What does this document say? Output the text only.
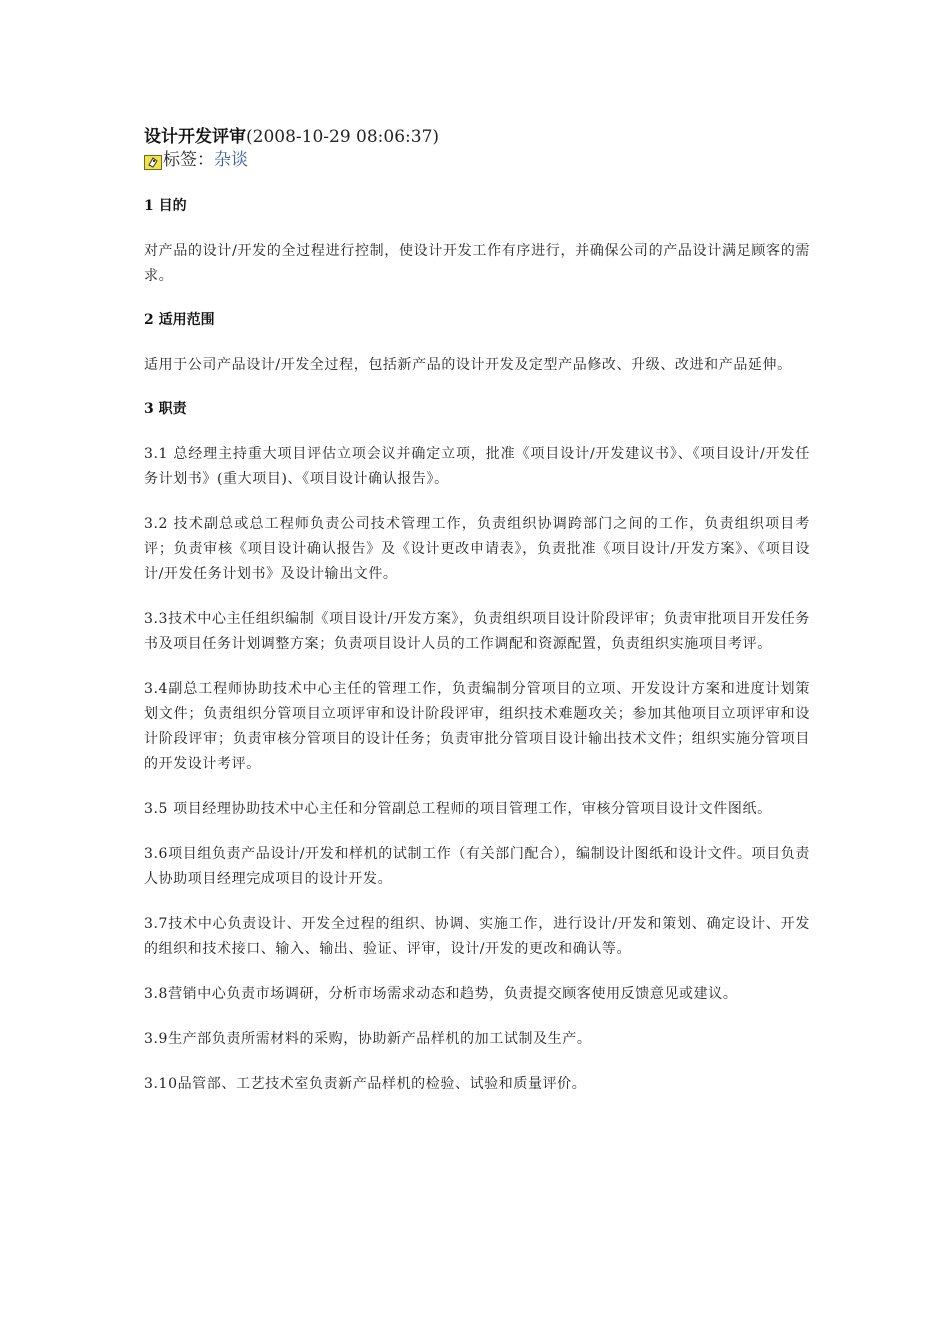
设计开发评审(2008-10-29 08:06:37)
标签： 杂谈
1 目的

对产品的设计/开发的全过程进行控制，使设计开发工作有序进行，并确保公司的产品设计满足顾客的需求。

2 适用范围

适用于公司产品设计/开发全过程，包括新产品的设计开发及定型产品修改、升级、改进和产品延伸。

3 职责

3.1 总经理主持重大项目评估立项会议并确定立项，批准《项目设计/开发建议书》、《项目设计/开发任务计划书》(重大项目)、《项目设计确认报告》。

3.2 技术副总或总工程师负责公司技术管理工作，负责组织协调跨部门之间的工作，负责组织项目考评；负责审核《项目设计确认报告》及《设计更改申请表》，负责批准《项目设计/开发方案》、《项目设计/开发任务计划书》及设计输出文件。

3.3技术中心主任组织编制《项目设计/开发方案》，负责组织项目设计阶段评审；负责审批项目开发任务书及项目任务计划调整方案；负责项目设计人员的工作调配和资源配置，负责组织实施项目考评。

3.4副总工程师协助技术中心主任的管理工作，负责编制分管项目的立项、开发设计方案和进度计划策划文件；负责组织分管项目立项评审和设计阶段评审，组织技术难题攻关；参加其他项目立项评审和设计阶段评审；负责审核分管项目的设计任务；负责审批分管项目设计输出技术文件；组织实施分管项目的开发设计考评。

3.5 项目经理协助技术中心主任和分管副总工程师的项目管理工作，审核分管项目设计文件图纸。

3.6项目组负责产品设计/开发和样机的试制工作（有关部门配合），编制设计图纸和设计文件。项目负责人协助项目经理完成项目的设计开发。

3.7技术中心负责设计、开发全过程的组织、协调、实施工作，进行设计/开发和策划、确定设计、开发的组织和技术接口、输入、输出、验证、评审，设计/开发的更改和确认等。

3.8营销中心负责市场调研，分析市场需求动态和趋势，负责提交顾客使用反馈意见或建议。

3.9生产部负责所需材料的采购，协助新产品样机的加工试制及生产。

3.10品管部、工艺技术室负责新产品样机的检验、试验和质量评价。
